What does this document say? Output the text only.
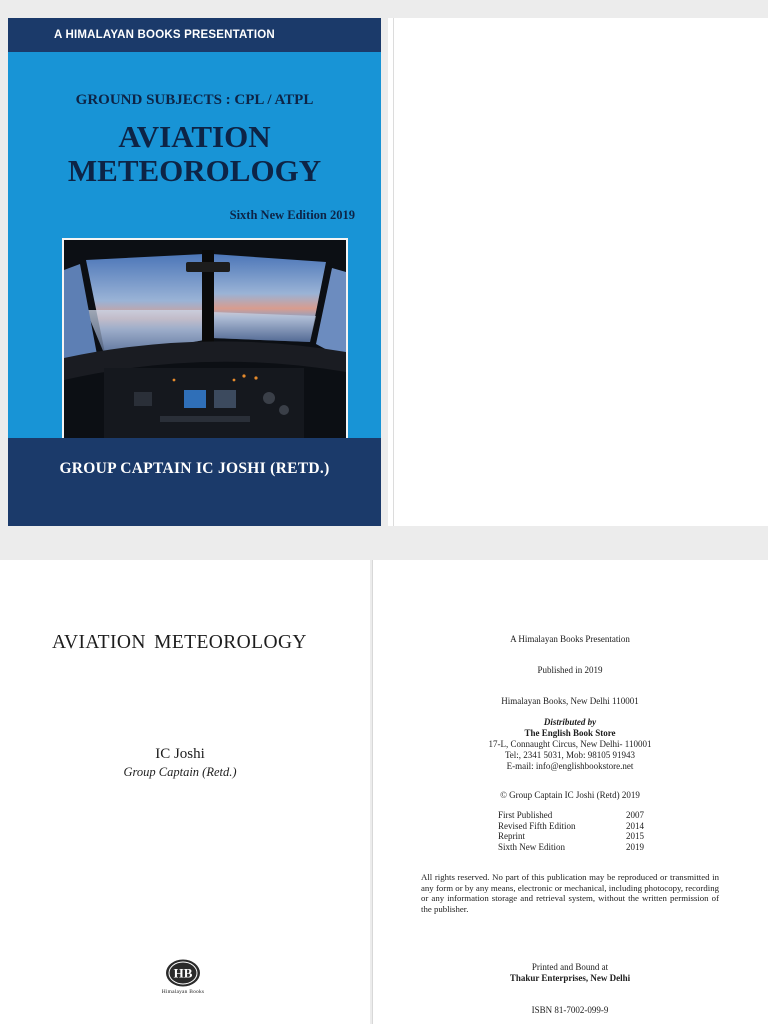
A HIMALAYAN BOOKS PRESENTATION
GROUND SUBJECTS : CPL / ATPL
AVIATION
METEOROLOGY
Sixth New Edition 2019
GROUP CAPTAIN IC JOSHI (RETD.)
AVIATION METEOROLOGY
IC Joshi
Group Captain (Retd.)
HB
Himalayan Books
A Himalayan Books Presentation
Published in 2019
Himalayan Books, New Delhi 110001
Distributed by
The English Book Store
17-L, Connaught Circus, New Delhi- 110001
Tel:, 2341 5031, Mob: 98105 91943
E-mail: info@englishbookstore.net
© Group Captain IC Joshi (Retd) 2019
First Published	2007
Revised Fifth Edition	2014
Reprint	2015
Sixth New Edition	2019
All rights reserved. No part of this publication may be reproduced or transmitted in any form or by any means, electronic or mechanical, including photocopy, recording or any information storage and retrieval system, without the written permission of the publisher.
Printed and Bound at
Thakur Enterprises, New Delhi
ISBN 81-7002-099-9
